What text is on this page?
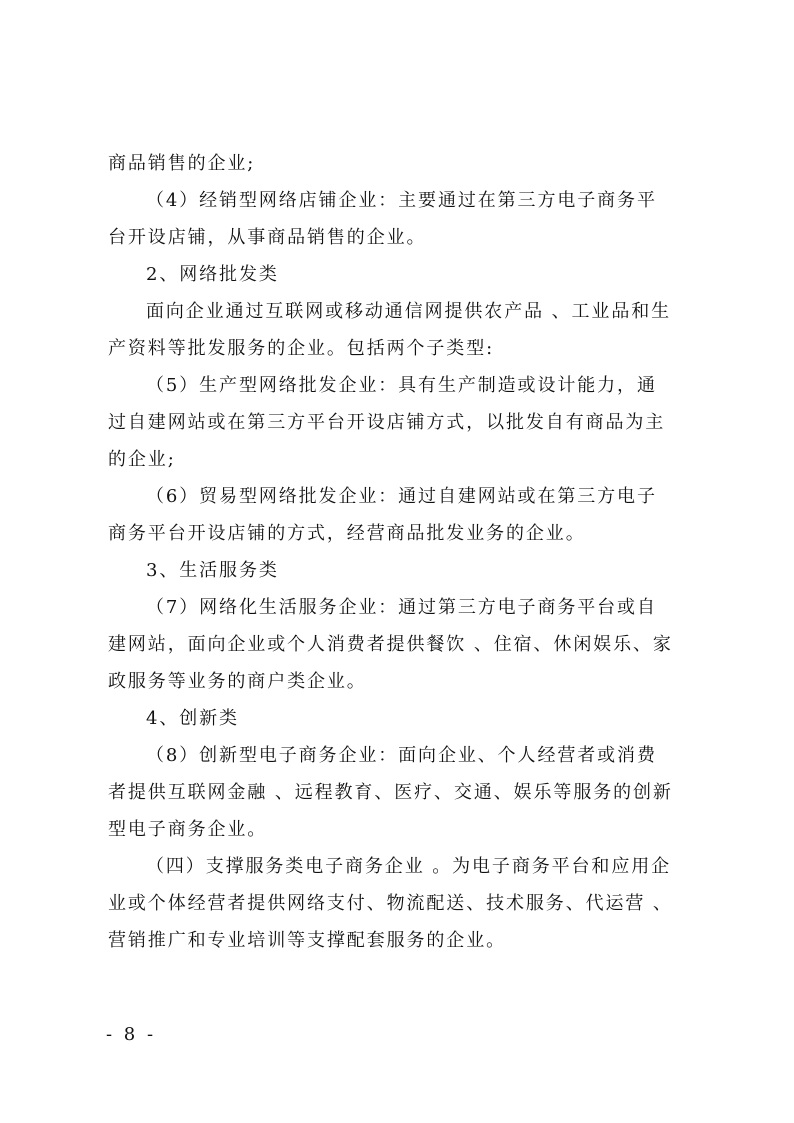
商品销售的企业;
（4）经销型网络店铺企业：主要通过在第三方电子商务平
台开设店铺，从事商品销售的企业。
2、网络批发类
面向企业通过互联网或移动通信网提供农产品 、工业品和生
产资料等批发服务的企业。包括两个子类型:
（5）生产型网络批发企业：具有生产制造或设计能力，通
过自建网站或在第三方平台开设店铺方式，以批发自有商品为主
的企业;
（6）贸易型网络批发企业：通过自建网站或在第三方电子
商务平台开设店铺的方式，经营商品批发业务的企业。
3、生活服务类
（7）网络化生活服务企业：通过第三方电子商务平台或自
建网站，面向企业或个人消费者提供餐饮 、住宿、休闲娱乐、家
政服务等业务的商户类企业。
4、创新类
（8）创新型电子商务企业：面向企业、个人经营者或消费
者提供互联网金融 、远程教育、医疗、交通、娱乐等服务的创新
型电子商务企业。
（四）支撑服务类电子商务企业 。为电子商务平台和应用企
业或个体经营者提供网络支付、物流配送、技术服务、代运营 、
营销推广和专业培训等支撑配套服务的企业。
- 8 -
